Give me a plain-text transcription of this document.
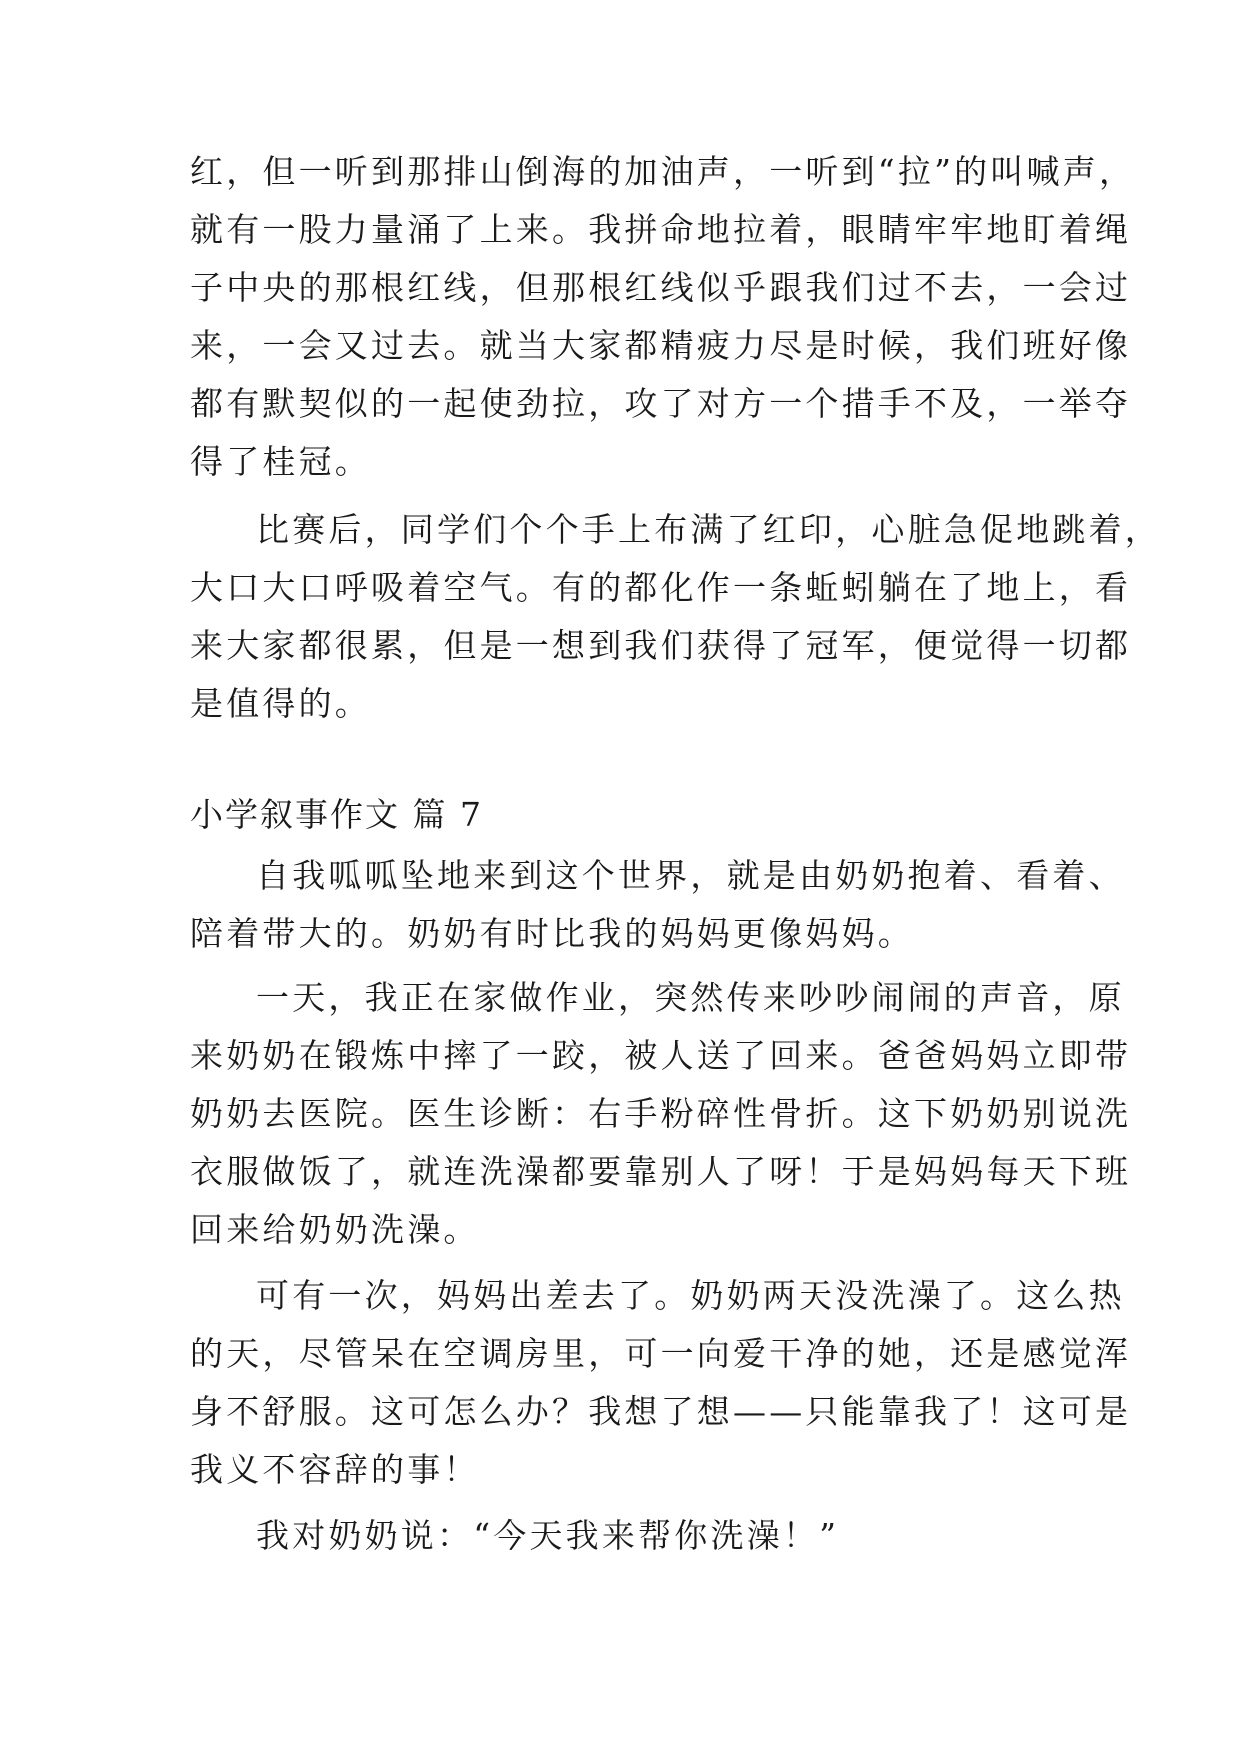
红，但一听到那排山倒海的加油声，一听到“拉”的叫喊声，
就有一股力量涌了上来。我拼命地拉着，眼睛牢牢地盯着绳
子中央的那根红线，但那根红线似乎跟我们过不去，一会过
来，一会又过去。就当大家都精疲力尽是时候，我们班好像
都有默契似的一起使劲拉，攻了对方一个措手不及，一举夺
得了桂冠。
比赛后，同学们个个手上布满了红印，心脏急促地跳着，
大口大口呼吸着空气。有的都化作一条蚯蚓躺在了地上，看
来大家都很累，但是一想到我们获得了冠军，便觉得一切都
是值得的。
小学叙事作文 篇 7
自我呱呱坠地来到这个世界，就是由奶奶抱着、看着、
陪着带大的。奶奶有时比我的妈妈更像妈妈。
一天，我正在家做作业，突然传来吵吵闹闹的声音，原
来奶奶在锻炼中摔了一跤，被人送了回来。爸爸妈妈立即带
奶奶去医院。医生诊断：右手粉碎性骨折。这下奶奶别说洗
衣服做饭了，就连洗澡都要靠别人了呀！于是妈妈每天下班
回来给奶奶洗澡。
可有一次，妈妈出差去了。奶奶两天没洗澡了。这么热
的天，尽管呆在空调房里，可一向爱干净的她，还是感觉浑
身不舒服。这可怎么办？我想了想——只能靠我了！这可是
我义不容辞的事！
我对奶奶说：“今天我来帮你洗澡！”
